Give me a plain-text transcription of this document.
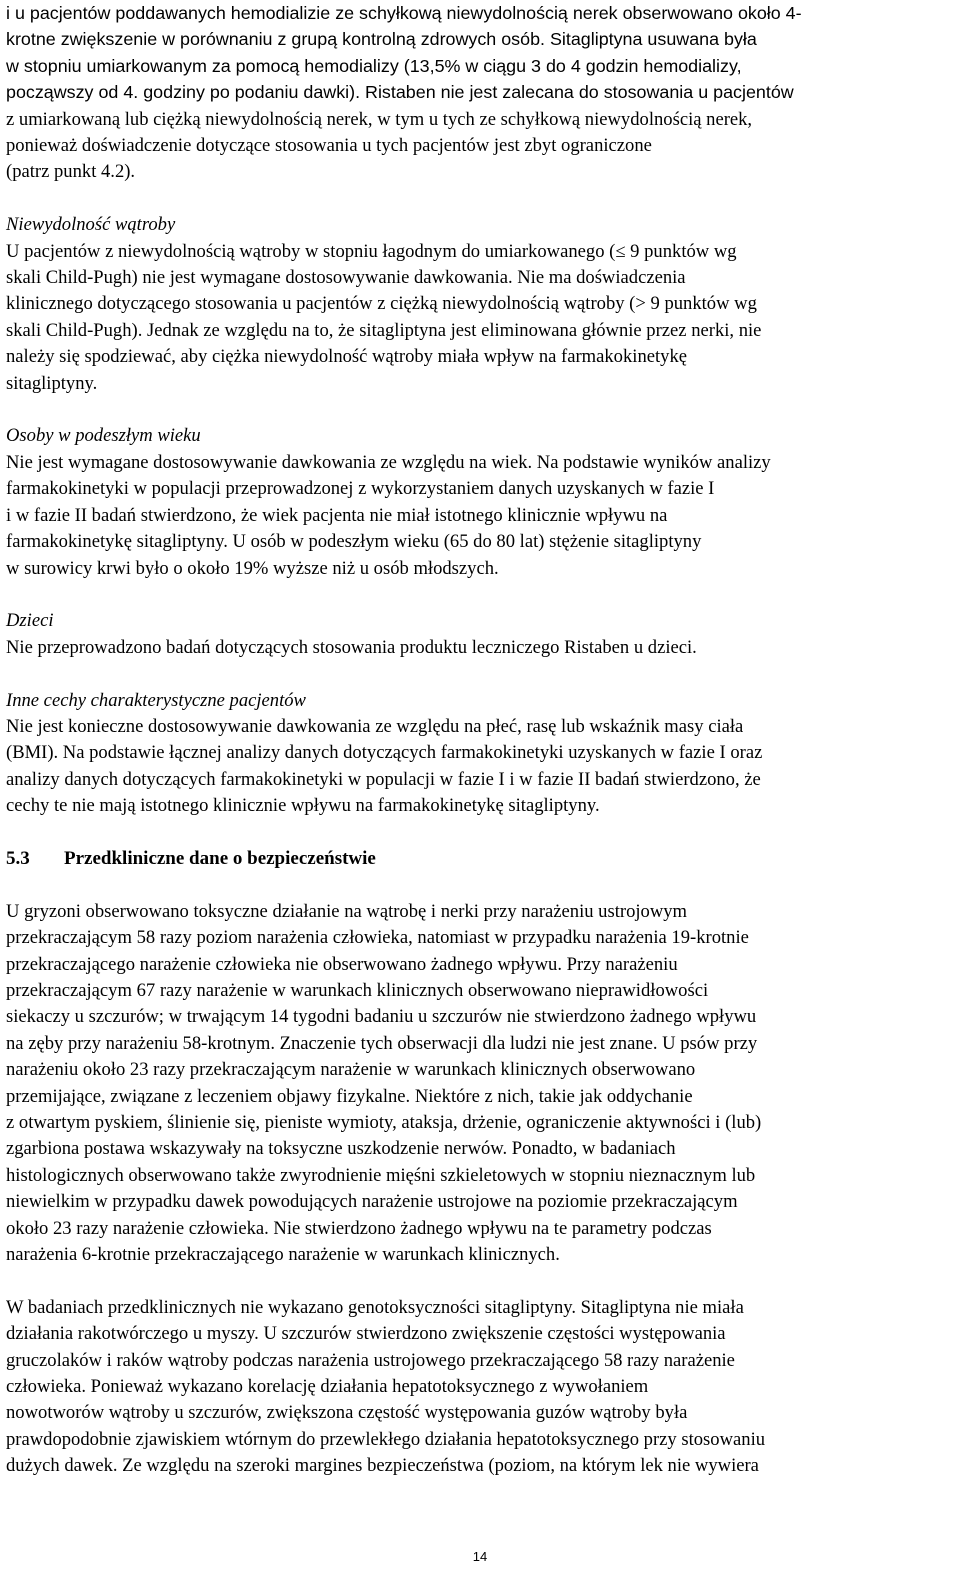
i u pacjentów poddawanych hemodializie ze schyłkową niewydolnością nerek obserwowano około 4-
krotne zwiększenie w porównaniu z grupą kontrolną zdrowych osób. Sitagliptyna usuwana była
w stopniu umiarkowanym za pomocą hemodializy (13,5% w ciągu 3 do 4 godzin hemodializy,
począwszy od 4. godziny po podaniu dawki). Ristaben nie jest zalecana do stosowania u pacjentów
z umiarkowaną lub ciężką niewydolnością nerek, w tym u tych ze schyłkową niewydolnością nerek,
ponieważ doświadczenie dotyczące stosowania u tych pacjentów jest zbyt ograniczone
(patrz punkt 4.2).
Niewydolność wątroby
U pacjentów z niewydolnością wątroby w stopniu łagodnym do umiarkowanego (≤ 9 punktów wg
skali Child-Pugh) nie jest wymagane dostosowywanie dawkowania. Nie ma doświadczenia
klinicznego dotyczącego stosowania u pacjentów z ciężką niewydolnością wątroby (> 9 punktów wg
skali Child-Pugh). Jednak ze względu na to, że sitagliptyna jest eliminowana głównie przez nerki, nie
należy się spodziewać, aby ciężka niewydolność wątroby miała wpływ na farmakokinetykę
sitagliptyny.
Osoby w podeszłym wieku
Nie jest wymagane dostosowywanie dawkowania ze względu na wiek. Na podstawie wyników analizy
farmakokinetyki w populacji przeprowadzonej z wykorzystaniem danych uzyskanych w fazie I
i w fazie II badań stwierdzono, że wiek pacjenta nie miał istotnego klinicznie wpływu na
farmakokinetykę sitagliptyny. U osób w podeszłym wieku (65 do 80 lat) stężenie sitagliptyny
w surowicy krwi było o około 19% wyższe niż u osób młodszych.
Dzieci
Nie przeprowadzono badań dotyczących stosowania produktu leczniczego Ristaben u dzieci.
Inne cechy charakterystyczne pacjentów
Nie jest konieczne dostosowywanie dawkowania ze względu na płeć, rasę lub wskaźnik masy ciała
(BMI). Na podstawie łącznej analizy danych dotyczących farmakokinetyki uzyskanych w fazie I oraz
analizy danych dotyczących farmakokinetyki w populacji w fazie I i w fazie II badań stwierdzono, że
cechy te nie mają istotnego klinicznie wpływu na farmakokinetykę sitagliptyny.
5.3 Przedkliniczne dane o bezpieczeństwie
U gryzoni obserwowano toksyczne działanie na wątrobę i nerki przy narażeniu ustrojowym
przekraczającym 58 razy poziom narażenia człowieka, natomiast w przypadku narażenia 19-krotnie
przekraczającego narażenie człowieka nie obserwowano żadnego wpływu. Przy narażeniu
przekraczającym 67 razy narażenie w warunkach klinicznych obserwowano nieprawidłowości
siekaczy u szczurów; w trwającym 14 tygodni badaniu u szczurów nie stwierdzono żadnego wpływu
na zęby przy narażeniu 58-krotnym. Znaczenie tych obserwacji dla ludzi nie jest znane. U psów przy
narażeniu około 23 razy przekraczającym narażenie w warunkach klinicznych obserwowano
przemijające, związane z leczeniem objawy fizykalne. Niektóre z nich, takie jak oddychanie
z otwartym pyskiem, ślinienie się, pieniste wymioty, ataksja, drżenie, ograniczenie aktywności i (lub)
zgarbiona postawa wskazywały na toksyczne uszkodzenie nerwów. Ponadto, w badaniach
histologicznych obserwowano także zwyrodnienie mięśni szkieletowych w stopniu nieznacznym lub
niewielkim w przypadku dawek powodujących narażenie ustrojowe na poziomie przekraczającym
około 23 razy narażenie człowieka. Nie stwierdzono żadnego wpływu na te parametry podczas
narażenia 6-krotnie przekraczającego narażenie w warunkach klinicznych.
W badaniach przedklinicznych nie wykazano genotoksyczności sitagliptyny. Sitagliptyna nie miała
działania rakotwórczego u myszy. U szczurów stwierdzono zwiększenie częstości występowania
gruczolaków i raków wątroby podczas narażenia ustrojowego przekraczającego 58 razy narażenie
człowieka. Ponieważ wykazano korelację działania hepatotoksycznego z wywołaniem
nowotworów wątroby u szczurów, zwiększona częstość występowania guzów wątroby była
prawdopodobnie zjawiskiem wtórnym do przewlekłego działania hepatotoksycznego przy stosowaniu
dużych dawek. Ze względu na szeroki margines bezpieczeństwa (poziom, na którym lek nie wywiera
14
